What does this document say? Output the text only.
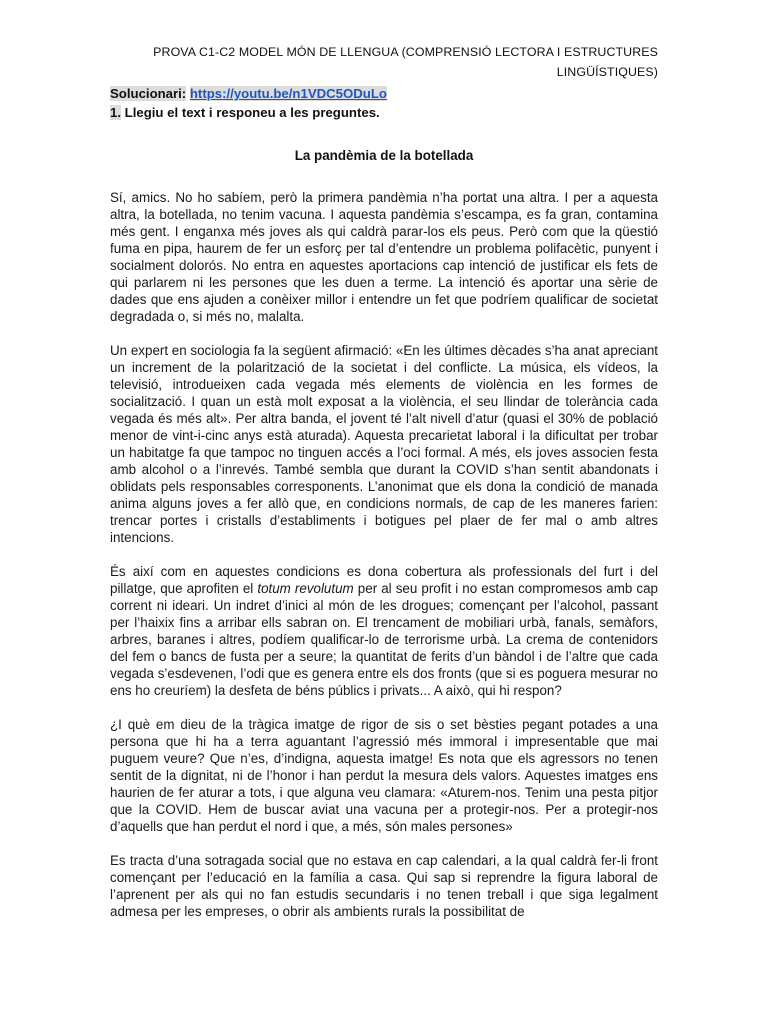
PROVA C1-C2 MODEL MÓN DE LLENGUA (COMPRENSIÓ LECTORA I ESTRUCTURES
LINGÜÍSTIQUES)
Solucionari: https://youtu.be/n1VDC5ODuLo
1. Llegiu el text i responeu a les preguntes.
La pandèmia de la botellada

Sí, amics. No ho sabíem, però la primera pandèmia n’ha portat una altra. I per a aquesta altra, la botellada, no tenim vacuna. I aquesta pandèmia s’escampa, es fa gran, contamina més gent. I enganxa més joves als qui caldrà parar-los els peus. Però com que la qüestió fuma en pipa, haurem de fer un esforç per tal d’entendre un problema polifacètic, punyent i socialment dolorós. No entra en aquestes aportacions cap intenció de justificar els fets de qui parlarem ni les persones que les duen a terme. La intenció és aportar una sèrie de dades que ens ajuden a conèixer millor i entendre un fet que podríem qualificar de societat degradada o, si més no, malalta.

Un expert en sociologia fa la següent afirmació: «En les últimes dècades s’ha anat apreciant un increment de la polarització de la societat i del conflicte. La música, els vídeos, la televisió, introdueixen cada vegada més elements de violència en les formes de socialització. I quan un està molt exposat a la violència, el seu llindar de tolerància cada vegada és més alt». Per altra banda, el jovent té l’alt nivell d’atur (quasi el 30% de població menor de vint-i-cinc anys està aturada). Aquesta precarietat laboral i la dificultat per trobar un habitatge fa que tampoc no tinguen accés a l’oci formal. A més, els joves associen festa amb alcohol o a l’inrevés. També sembla que durant la COVID s’han sentit abandonats i oblidats pels responsables corresponents. L’anonimat que els dona la condició de manada anima alguns joves a fer allò que, en condicions normals, de cap de les maneres farien: trencar portes i cristalls d’establiments i botigues pel plaer de fer mal o amb altres intencions.

És així com en aquestes condicions es dona cobertura als professionals del furt i del pillatge, que aprofiten el totum revolutum per al seu profit i no estan compromesos amb cap corrent ni ideari. Un indret d’inici al món de les drogues; començant per l’alcohol, passant per l’haixix fins a arribar ells sabran on. El trencament de mobiliari urbà, fanals, semàfors, arbres, baranes i altres, podíem qualificar-lo de terrorisme urbà. La crema de contenidors del fem o bancs de fusta per a seure; la quantitat de ferits d’un bàndol i de l’altre que cada vegada s’esdevenen, l’odi que es genera entre els dos fronts (que si es poguera mesurar no ens ho creuríem) la desfeta de béns públics i privats... A això, qui hi respon?

¿I què em dieu de la tràgica imatge de rigor de sis o set bèsties pegant potades a una persona que hi ha a terra aguantant l’agressió més immoral i impresentable que mai puguem veure? Que n’es, d’indigna, aquesta imatge! Es nota que els agressors no tenen sentit de la dignitat, ni de l’honor i han perdut la mesura dels valors. Aquestes imatges ens haurien de fer aturar a tots, i que alguna veu clamara: «Aturem-nos. Tenim una pesta pitjor que la COVID. Hem de buscar aviat una vacuna per a protegir-nos. Per a protegir-nos d’aquells que han perdut el nord i que, a més, són males persones»

Es tracta d’una sotragada social que no estava en cap calendari, a la qual caldrà fer-li front començant per l’educació en la família a casa. Qui sap si reprendre la figura laboral de l’aprenent per als qui no fan estudis secundaris i no tenen treball i que siga legalment admesa per les empreses, o obrir als ambients rurals la possibilitat de
